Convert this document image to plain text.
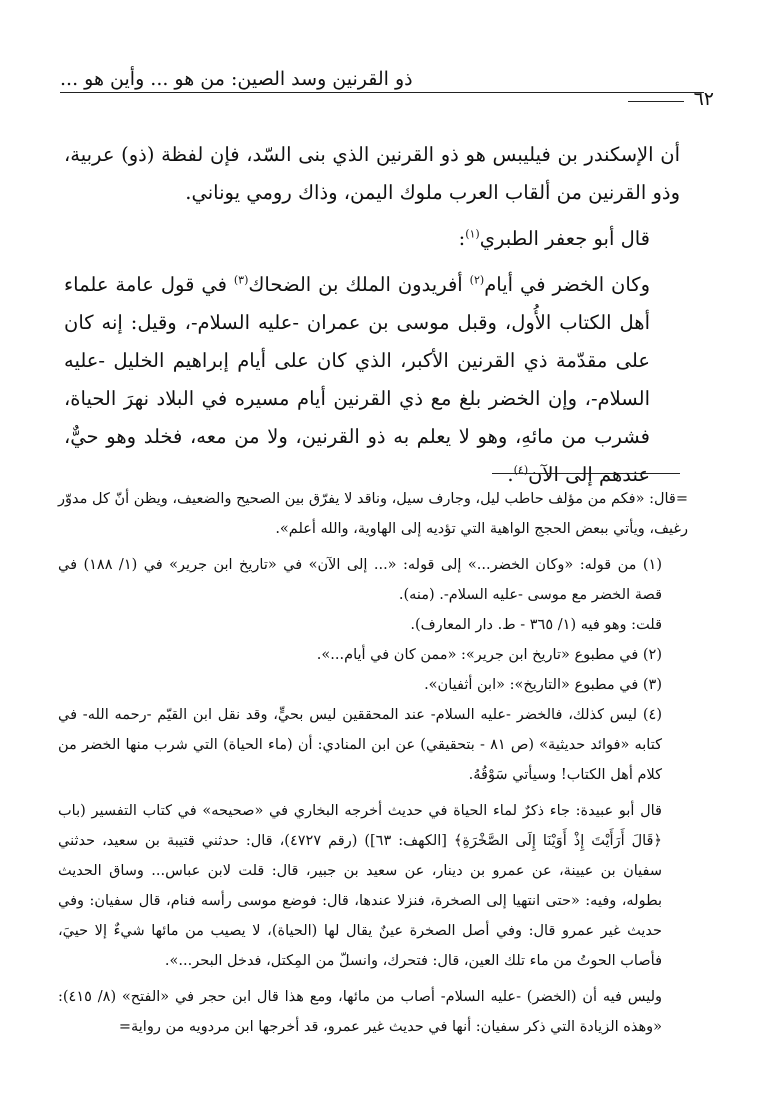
ذو القرنين وسد الصين: من هو ... وأين هو ...
٦٢

أن الإسكندر بن فيليبس هو ذو القرنين الذي بنى السّد، فإن لفظة (ذو) عربية، وذو القرنين من ألقاب العرب ملوك اليمن، وذاك رومي يوناني.

قال أبو جعفر الطبري$^{(١)}$:

وكان الخضر في أيام$^{(٢)}$ أفريدون الملك بن الضحاك$^{(٣)}$ في قول عامة علماء أهل الكتاب الأُول، وقبل موسى بن عمران -عليه السلام-، وقيل: إنه كان على مقدّمة ذي القرنين الأكبر، الذي كان على أيام إبراهيم الخليل -عليه السلام-، وإن الخضر بلغ مع ذي القرنين أيام مسيره في البلاد نهرَ الحياة، فشرب من مائهِ، وهو لا يعلم به ذو القرنين، ولا من معه، فخلد وهو حيٌّ، عندهم إلى الآن$^{(٤)}$.

=قال: «فكم من مؤلف حاطب ليل، وجارف سيل، وناقد لا يفرّق بين الصحيح والضعيف، ويظن أنّ كل مدوّر رغيف، ويأتي ببعض الحجج الواهية التي تؤديه إلى الهاوية، والله أعلم».

(١) من قوله: «وكان الخضر...» إلى قوله: «... إلى الآن» في «تاريخ ابن جرير» في (١/ ١٨٨) في قصة الخضر مع موسى -عليه السلام-. (منه).

قلت: وهو فيه (١/ ٣٦٥ - ط. دار المعارف).

(٢) في مطبوع «تاريخ ابن جرير»: «ممن كان في أيام...».

(٣) في مطبوع «التاريخ»: «ابن أثفيان».

(٤) ليس كذلك، فالخضر -عليه السلام- عند المحققين ليس بحيٍّ، وقد نقل ابن القيّم -رحمه الله- في كتابه «فوائد حديثية» (ص ٨١ - بتحقيقي) عن ابن المنادي: أن (ماء الحياة) التي شرب منها الخضر من كلام أهل الكتاب! وسيأتي سَوْقُهُ.

قال أبو عبيدة: جاء ذكرٌ لماء الحياة في حديث أخرجه البخاري في «صحيحه» في كتاب التفسير (باب ﴿قَالَ أَرَأَيْتَ إِذْ أَوَيْنَا إِلَى الصَّخْرَةِ﴾ [الكهف: ٦٣]) (رقم ٤٧٢٧)، قال: حدثني قتيبة بن سعيد، حدثني سفيان بن عيينة، عن عمرو بن دينار، عن سعيد بن جبير، قال: قلت لابن عباس... وساق الحديث بطوله، وفيه: «حتى انتهيا إلى الصخرة، فنزلا عندها، قال: فوضع موسى رأسه فنام، قال سفيان: وفي حديث غير عمرو قال: وفي أصل الصخرة عينٌ يقال لها (الحياة)، لا يصيب من مائها شيءٌ إلا حييَ، فأصاب الحوتُ من ماء تلك العين، قال: فتحرك، وانسلّ من المِكتل، فدخل البحر...».

وليس فيه أن (الخضر) -عليه السلام- أصاب من مائها، ومع هذا قال ابن حجر في «الفتح» (٨/ ٤١٥): «وهذه الزيادة التي ذكر سفيان: أنها في حديث غير عمرو، قد أخرجها ابن مردويه من رواية=
